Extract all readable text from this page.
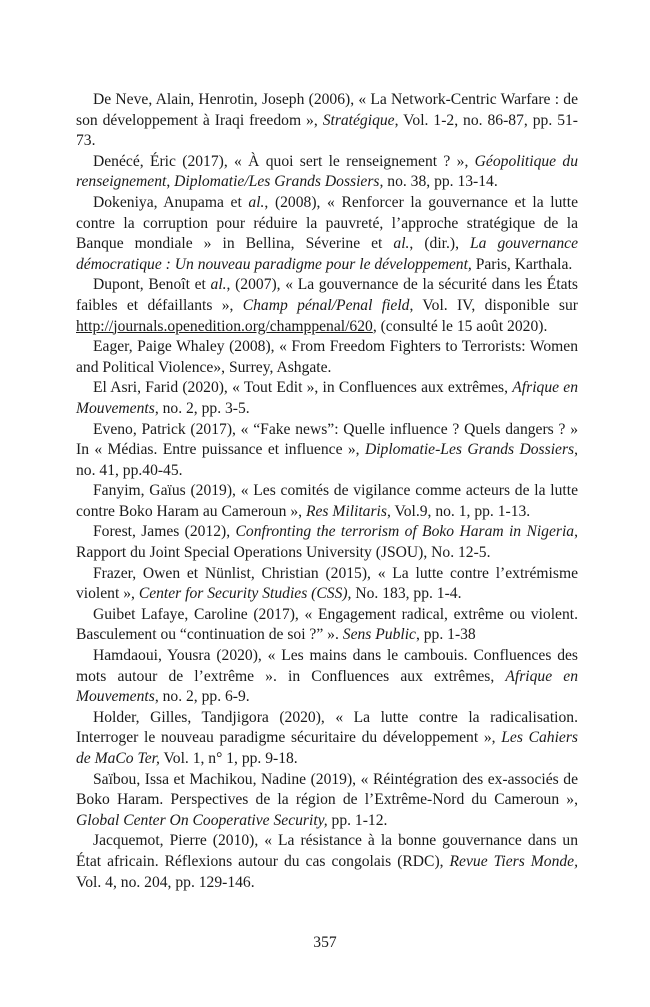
De Neve, Alain, Henrotin, Joseph (2006), « La Network-Centric Warfare : de son développement à Iraqi freedom », Stratégique, Vol. 1-2, no. 86-87, pp. 51-73.

Denécé, Éric (2017), « À quoi sert le renseignement ? », Géopolitique du renseignement, Diplomatie/Les Grands Dossiers, no. 38, pp. 13-14.

Dokeniya, Anupama et al., (2008), « Renforcer la gouvernance et la lutte contre la corruption pour réduire la pauvreté, l’approche stratégique de la Banque mondiale » in Bellina, Séverine et al., (dir.), La gouvernance démocratique : Un nouveau paradigme pour le développement, Paris, Karthala.

Dupont, Benoît et al., (2007), « La gouvernance de la sécurité dans les États faibles et défaillants », Champ pénal/Penal field, Vol. IV, disponible sur http://journals.openedition.org/champpenal/620, (consulté le 15 août 2020).

Eager, Paige Whaley (2008), « From Freedom Fighters to Terrorists: Women and Political Violence», Surrey, Ashgate.

El Asri, Farid (2020), « Tout Edit », in Confluences aux extrêmes, Afrique en Mouvements, no. 2, pp. 3-5.

Eveno, Patrick (2017), « “Fake news”: Quelle influence ? Quels dangers ? » In « Médias. Entre puissance et influence », Diplomatie-Les Grands Dossiers, no. 41, pp.40-45.

Fanyim, Gaïus (2019), « Les comités de vigilance comme acteurs de la lutte contre Boko Haram au Cameroun », Res Militaris, Vol.9, no. 1, pp. 1-13.

Forest, James (2012), Confronting the terrorism of Boko Haram in Nigeria, Rapport du Joint Special Operations University (JSOU), No. 12-5.

Frazer, Owen et Nünlist, Christian (2015), « La lutte contre l’extrémisme violent », Center for Security Studies (CSS), No. 183, pp. 1-4.

Guibet Lafaye, Caroline (2017), « Engagement radical, extrême ou violent. Basculement ou “continuation de soi ?” ». Sens Public, pp. 1-38

Hamdaoui, Yousra (2020), « Les mains dans le cambouis. Confluences des mots autour de l’extrême ». in Confluences aux extrêmes, Afrique en Mouvements, no. 2, pp. 6-9.

Holder, Gilles, Tandjigora (2020), « La lutte contre la radicalisation. Interroger le nouveau paradigme sécuritaire du développement », Les Cahiers de MaCo Ter, Vol. 1, n° 1, pp. 9-18.

Saïbou, Issa et Machikou, Nadine (2019), « Réintégration des ex-associés de Boko Haram. Perspectives de la région de l’Extrême-Nord du Cameroun », Global Center On Cooperative Security, pp. 1-12.

Jacquemot, Pierre (2010), « La résistance à la bonne gouvernance dans un État africain. Réflexions autour du cas congolais (RDC), Revue Tiers Monde, Vol. 4, no. 204, pp. 129-146.

357
